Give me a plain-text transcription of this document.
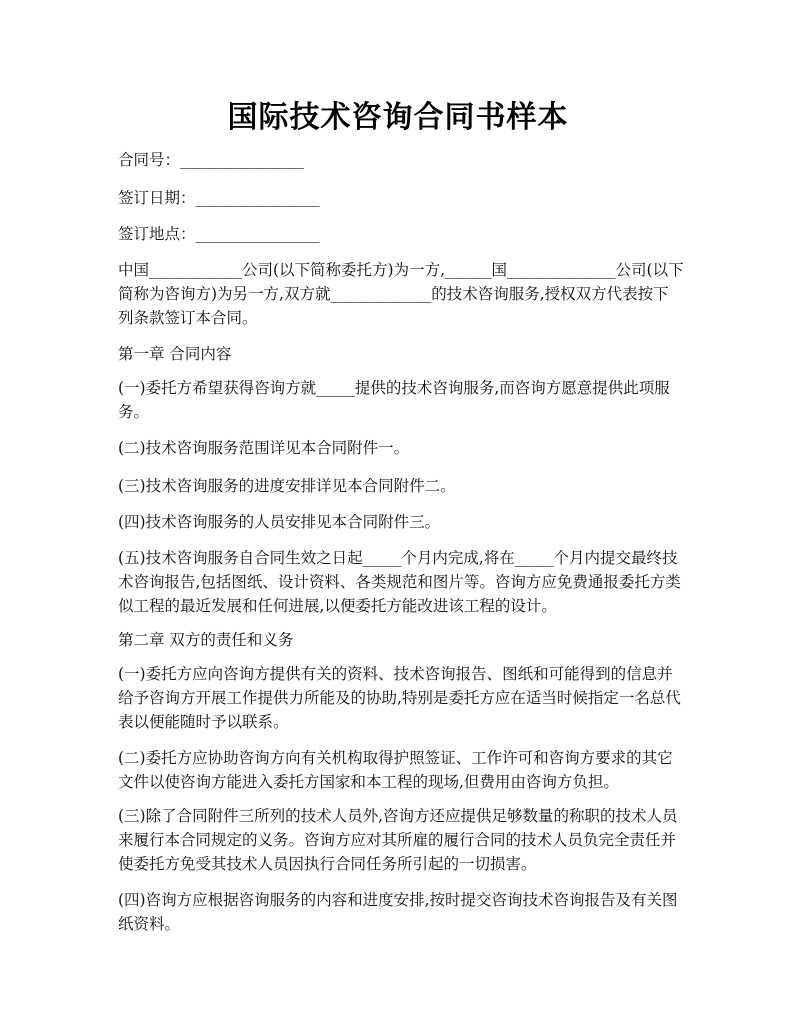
国际技术咨询合同书样本

合同号：________________

签订日期：________________

签订地点：________________

中国____________公司(以下简称委托方)为一方,______国______________公司(以下简称为咨询方)为另一方,双方就_____________的技术咨询服务,授权双方代表按下列条款签订本合同。

第一章 合同内容

(一)委托方希望获得咨询方就_____提供的技术咨询服务,而咨询方愿意提供此项服务。

(二)技术咨询服务范围详见本合同附件一。

(三)技术咨询服务的进度安排详见本合同附件二。

(四)技术咨询服务的人员安排见本合同附件三。

(五)技术咨询服务自合同生效之日起_____个月内完成,将在_____个月内提交最终技术咨询报告,包括图纸、设计资料、各类规范和图片等。咨询方应免费通报委托方类似工程的最近发展和任何进展,以便委托方能改进该工程的设计。

第二章 双方的责任和义务

(一)委托方应向咨询方提供有关的资料、技术咨询报告、图纸和可能得到的信息并给予咨询方开展工作提供力所能及的协助,特别是委托方应在适当时候指定一名总代表以便能随时予以联系。

(二)委托方应协助咨询方向有关机构取得护照签证、工作许可和咨询方要求的其它文件以使咨询方能进入委托方国家和本工程的现场,但费用由咨询方负担。

(三)除了合同附件三所列的技术人员外,咨询方还应提供足够数量的称职的技术人员来履行本合同规定的义务。咨询方应对其所雇的履行合同的技术人员负完全责任并使委托方免受其技术人员因执行合同任务所引起的一切损害。

(四)咨询方应根据咨询服务的内容和进度安排,按时提交咨询技术咨询报告及有关图纸资料。
